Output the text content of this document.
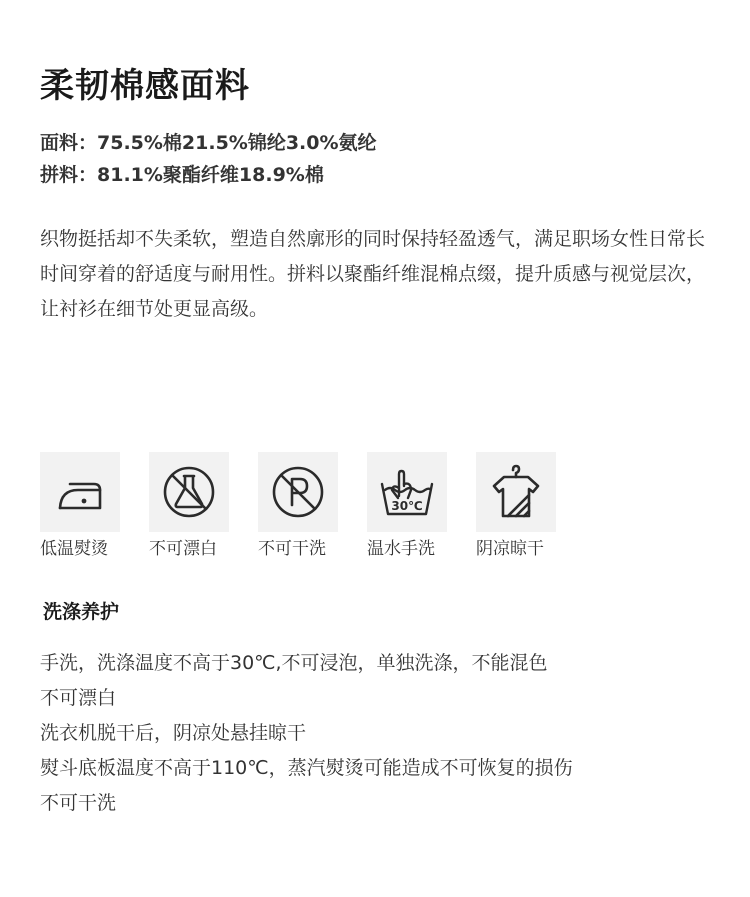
柔韧棉感面料
面料：75.5%棉21.5%锦纶3.0%氨纶
拼料：81.1%聚酯纤维18.9%棉
织物挺括却不失柔软，塑造自然廓形的同时保持轻盈透气，满足职场女性日常长时间穿着的舒适度与耐用性。拼料以聚酯纤维混棉点缀，提升质感与视觉层次，让衬衫在细节处更显高级。
低温熨烫 不可漂白 不可干洗
30℃
温水手洗 阴凉晾干
洗涤养护
手洗，洗涤温度不高于30℃,不可浸泡，单独洗涤，不能混色
不可漂白
洗衣机脱干后，阴凉处悬挂晾干
熨斗底板温度不高于110℃，蒸汽熨烫可能造成不可恢复的损伤
不可干洗
